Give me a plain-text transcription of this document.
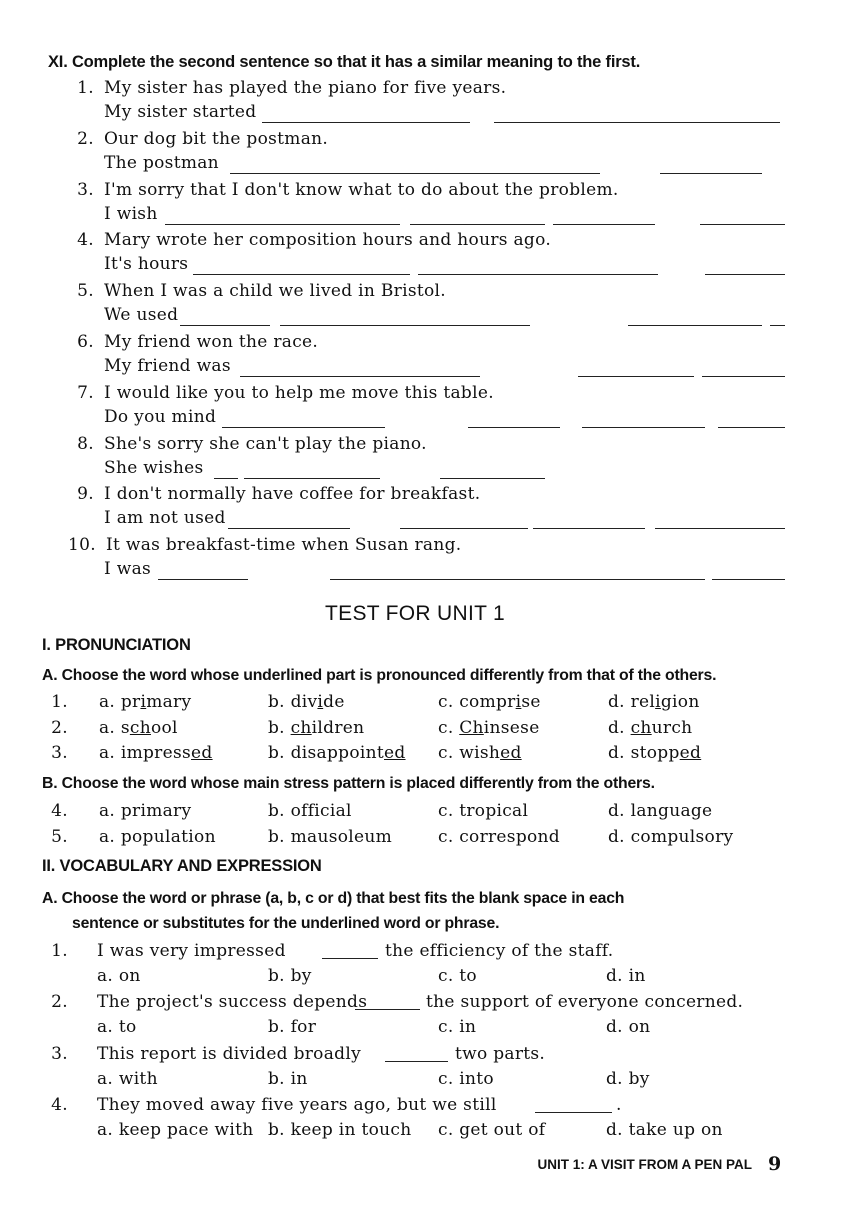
XI. Complete the second sentence so that it has a similar meaning to the first.
1. My sister has played the piano for five years.
My sister started
2. Our dog bit the postman.
The postman
3. I'm sorry that I don't know what to do about the problem.
I wish
4. Mary wrote her composition hours and hours ago.
It's hours
5. When I was a child we lived in Bristol.
We used
6. My friend won the race.
My friend was
7. I would like you to help me move this table.
Do you mind
8. She's sorry she can't play the piano.
She wishes
9. I don't normally have coffee for breakfast.
I am not used
10. It was breakfast-time when Susan rang.
I was
TEST FOR UNIT 1
I. PRONUNCIATION
A. Choose the word whose underlined part is pronounced differently from that of the others.
1. a. primary	b. divide	c. comprise	d. religion
2. a. school	b. children	c. Chinsese	d. church
3. a. impressed	b. disappointed c. wished	d. stopped
B. Choose the word whose main stress pattern is placed differently from the others.
4. a. primary	b. official	c. tropical	d. language
5. a. population	b. mausoleum	c. correspond	d. compulsory
II. VOCABULARY AND EXPRESSION
A. Choose the word or phrase (a, b, c or d) that best fits the blank space in each
sentence or substitutes for the underlined word or phrase.
1. I was very impressed	the efficiency of the staff.
a. on	b. by	c. to	d. in
2. The project's success depends	the support of everyone concerned.
a. to	b. for	c. in	d. on
3. This report is divided broadly	two parts.
a. with	b. in	c. into	d. by
4. They moved away five years ago, but we still	.
a. keep pace with b. keep in touch c. get out of	d. take up on
UNIT 1: A VISIT FROM A PEN PAL 9
